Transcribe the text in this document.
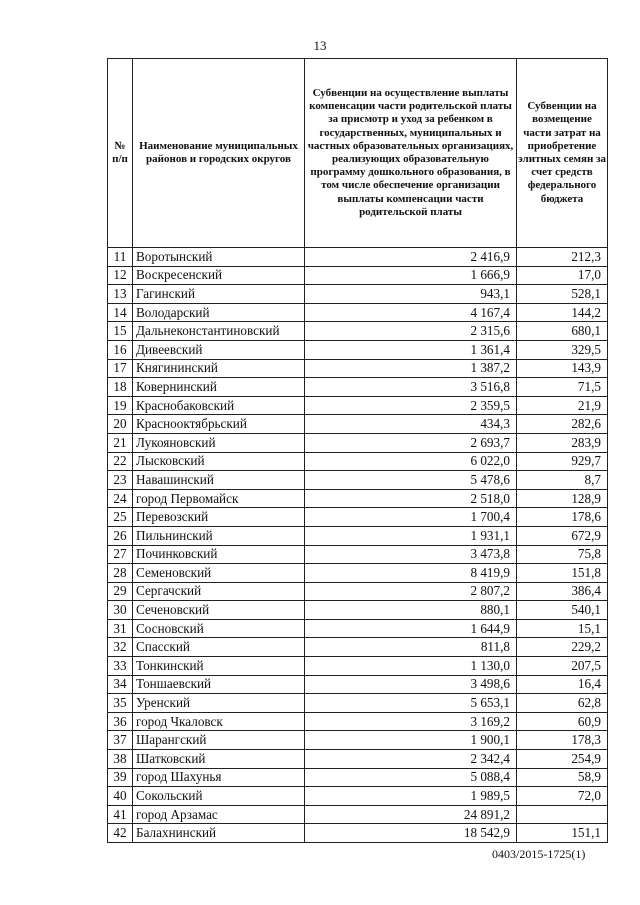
13
№ п/п	Наименование муниципальных районов и городских округов	Субвенции на осуществление выплаты компенсации части родительской платы за присмотр и уход за ребенком в государственных, муниципальных и частных образовательных организациях, реализующих образовательную программу дошкольного образования, в том числе обеспечение организации выплаты компенсации части родительской платы	Субвенции на возмещение части затрат на приобретение элитных семян за счет средств федерального бюджета
11	Воротынский	2 416,9	212,3
12	Воскресенский	1 666,9	17,0
13	Гагинский	943,1	528,1
14	Володарский	4 167,4	144,2
15	Дальнеконстантиновский	2 315,6	680,1
16	Дивеевский	1 361,4	329,5
17	Княгининский	1 387,2	143,9
18	Ковернинский	3 516,8	71,5
19	Краснобаковский	2 359,5	21,9
20	Краснооктябрьский	434,3	282,6
21	Лукояновский	2 693,7	283,9
22	Лысковский	6 022,0	929,7
23	Навашинский	5 478,6	8,7
24	город Первомайск	2 518,0	128,9
25	Перевозский	1 700,4	178,6
26	Пильнинский	1 931,1	672,9
27	Починковский	3 473,8	75,8
28	Семеновский	8 419,9	151,8
29	Сергачский	2 807,2	386,4
30	Сеченовский	880,1	540,1
31	Сосновский	1 644,9	15,1
32	Спасский	811,8	229,2
33	Тонкинский	1 130,0	207,5
34	Тоншаевский	3 498,6	16,4
35	Уренский	5 653,1	62,8
36	город Чкаловск	3 169,2	60,9
37	Шарангский	1 900,1	178,3
38	Шатковский	2 342,4	254,9
39	город Шахунья	5 088,4	58,9
40	Сокольский	1 989,5	72,0
41	город Арзамас	24 891,2	
42	Балахнинский	18 542,9	151,1
0403/2015-1725(1)
